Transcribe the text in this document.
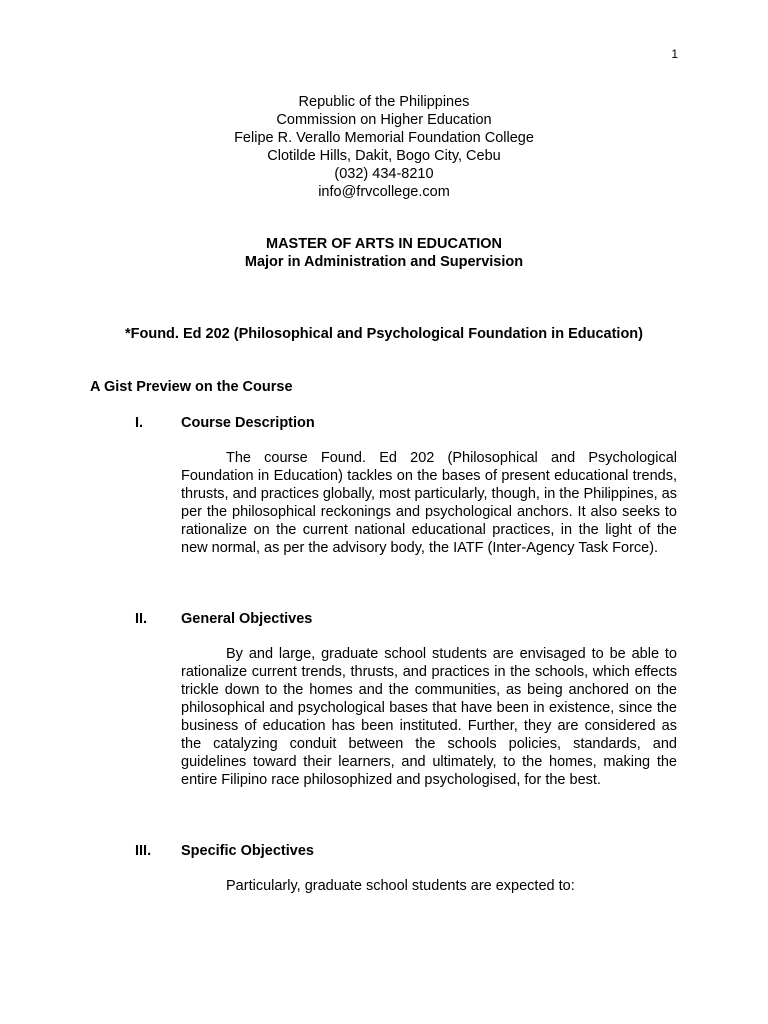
1
Republic of the Philippines
Commission on Higher Education
Felipe R. Verallo Memorial Foundation College
Clotilde Hills, Dakit, Bogo City, Cebu
(032) 434-8210
info@frvcollege.com
MASTER OF ARTS IN EDUCATION
Major in Administration and Supervision
*Found. Ed 202 (Philosophical and Psychological Foundation in Education)
A Gist Preview on the Course
I.	Course Description

The course Found. Ed 202 (Philosophical and Psychological Foundation in Education) tackles on the bases of present educational trends, thrusts, and practices globally, most particularly, though, in the Philippines, as per the philosophical reckonings and psychological anchors. It also seeks to rationalize on the current national educational practices, in the light of the new normal, as per the advisory body, the IATF (Inter-Agency Task Force).

II. General Objectives

By and large, graduate school students are envisaged to be able to rationalize current trends, thrusts, and practices in the schools, which effects trickle down to the homes and the communities, as being anchored on the philosophical and psychological bases that have been in existence, since the business of education has been instituted. Further, they are considered as the catalyzing conduit between the schools policies, standards, and guidelines toward their learners, and ultimately, to the homes, making the entire Filipino race philosophized and psychologised, for the best.

III. Specific Objectives

Particularly, graduate school students are expected to:
